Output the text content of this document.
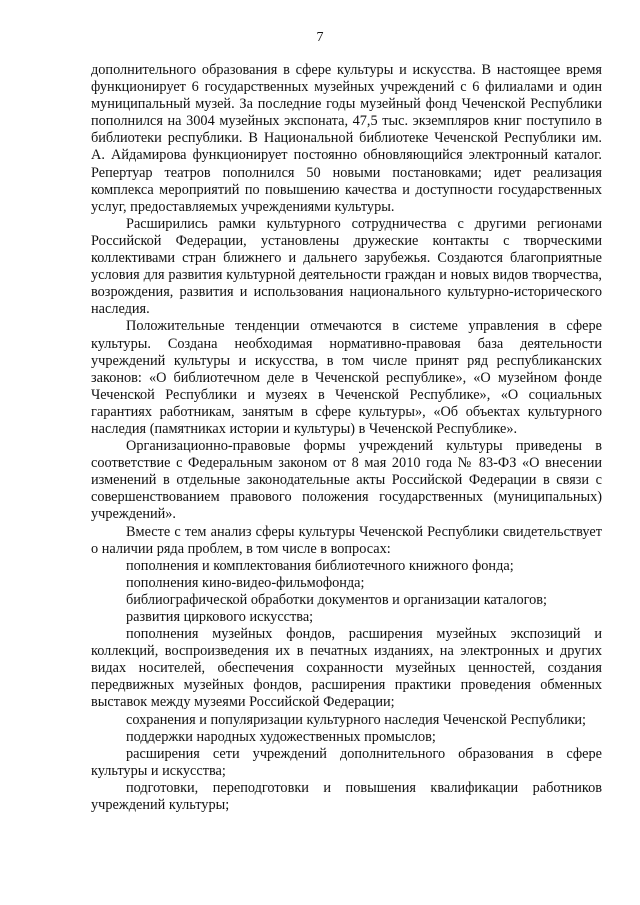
7

дополнительного образования в сфере культуры и искусства. В настоящее время функционирует 6 государственных музейных учреждений с 6 филиалами и один муниципальный музей. За последние годы музейный фонд Чеченской Республики пополнился на 3004 музейных экспоната, 47,5 тыс. экземпляров книг поступило в библиотеки республики. В Национальной библиотеке Чеченской Республики им. А. Айдамирова функционирует постоянно обновляющийся электронный каталог. Репертуар театров пополнился 50 новыми постановками; идет реализация комплекса мероприятий по повышению качества и доступности государственных услуг, предоставляемых учреждениями культуры.

Расширились рамки культурного сотрудничества с другими регионами Российской Федерации, установлены дружеские контакты с творческими коллективами стран ближнего и дальнего зарубежья. Создаются благоприятные условия для развития культурной деятельности граждан и новых видов творчества, возрождения, развития и использования национального культурно-исторического наследия.

Положительные тенденции отмечаются в системе управления в сфере культуры. Создана необходимая нормативно-правовая база деятельности учреждений культуры и искусства, в том числе принят ряд республиканских законов: «О библиотечном деле в Чеченской республике», «О музейном фонде Чеченской Республики и музеях в Чеченской Республике», «О социальных гарантиях работникам, занятым в сфере культуры», «Об объектах культурного наследия (памятниках истории и культуры) в Чеченской Республике».

Организационно-правовые формы учреждений культуры приведены в соответствие с Федеральным законом от 8 мая 2010 года № 83-ФЗ «О внесении изменений в отдельные законодательные акты Российской Федерации в связи с совершенствованием правового положения государственных (муниципальных) учреждений».

Вместе с тем анализ сферы культуры Чеченской Республики свидетельствует о наличии ряда проблем, в том числе в вопросах:

пополнения и комплектования библиотечного книжного фонда;

пополнения кино-видео-фильмофонда;

библиографической обработки документов и организации каталогов;

развития циркового искусства;

пополнения музейных фондов, расширения музейных экспозиций и коллекций, воспроизведения их в печатных изданиях, на электронных и других видах носителей, обеспечения сохранности музейных ценностей, создания передвижных музейных фондов, расширения практики проведения обменных выставок между музеями Российской Федерации;

сохранения и популяризации культурного наследия Чеченской Республики;

поддержки народных художественных промыслов;

расширения сети учреждений дополнительного образования в сфере культуры и искусства;

подготовки, переподготовки и повышения квалификации работников учреждений культуры;
